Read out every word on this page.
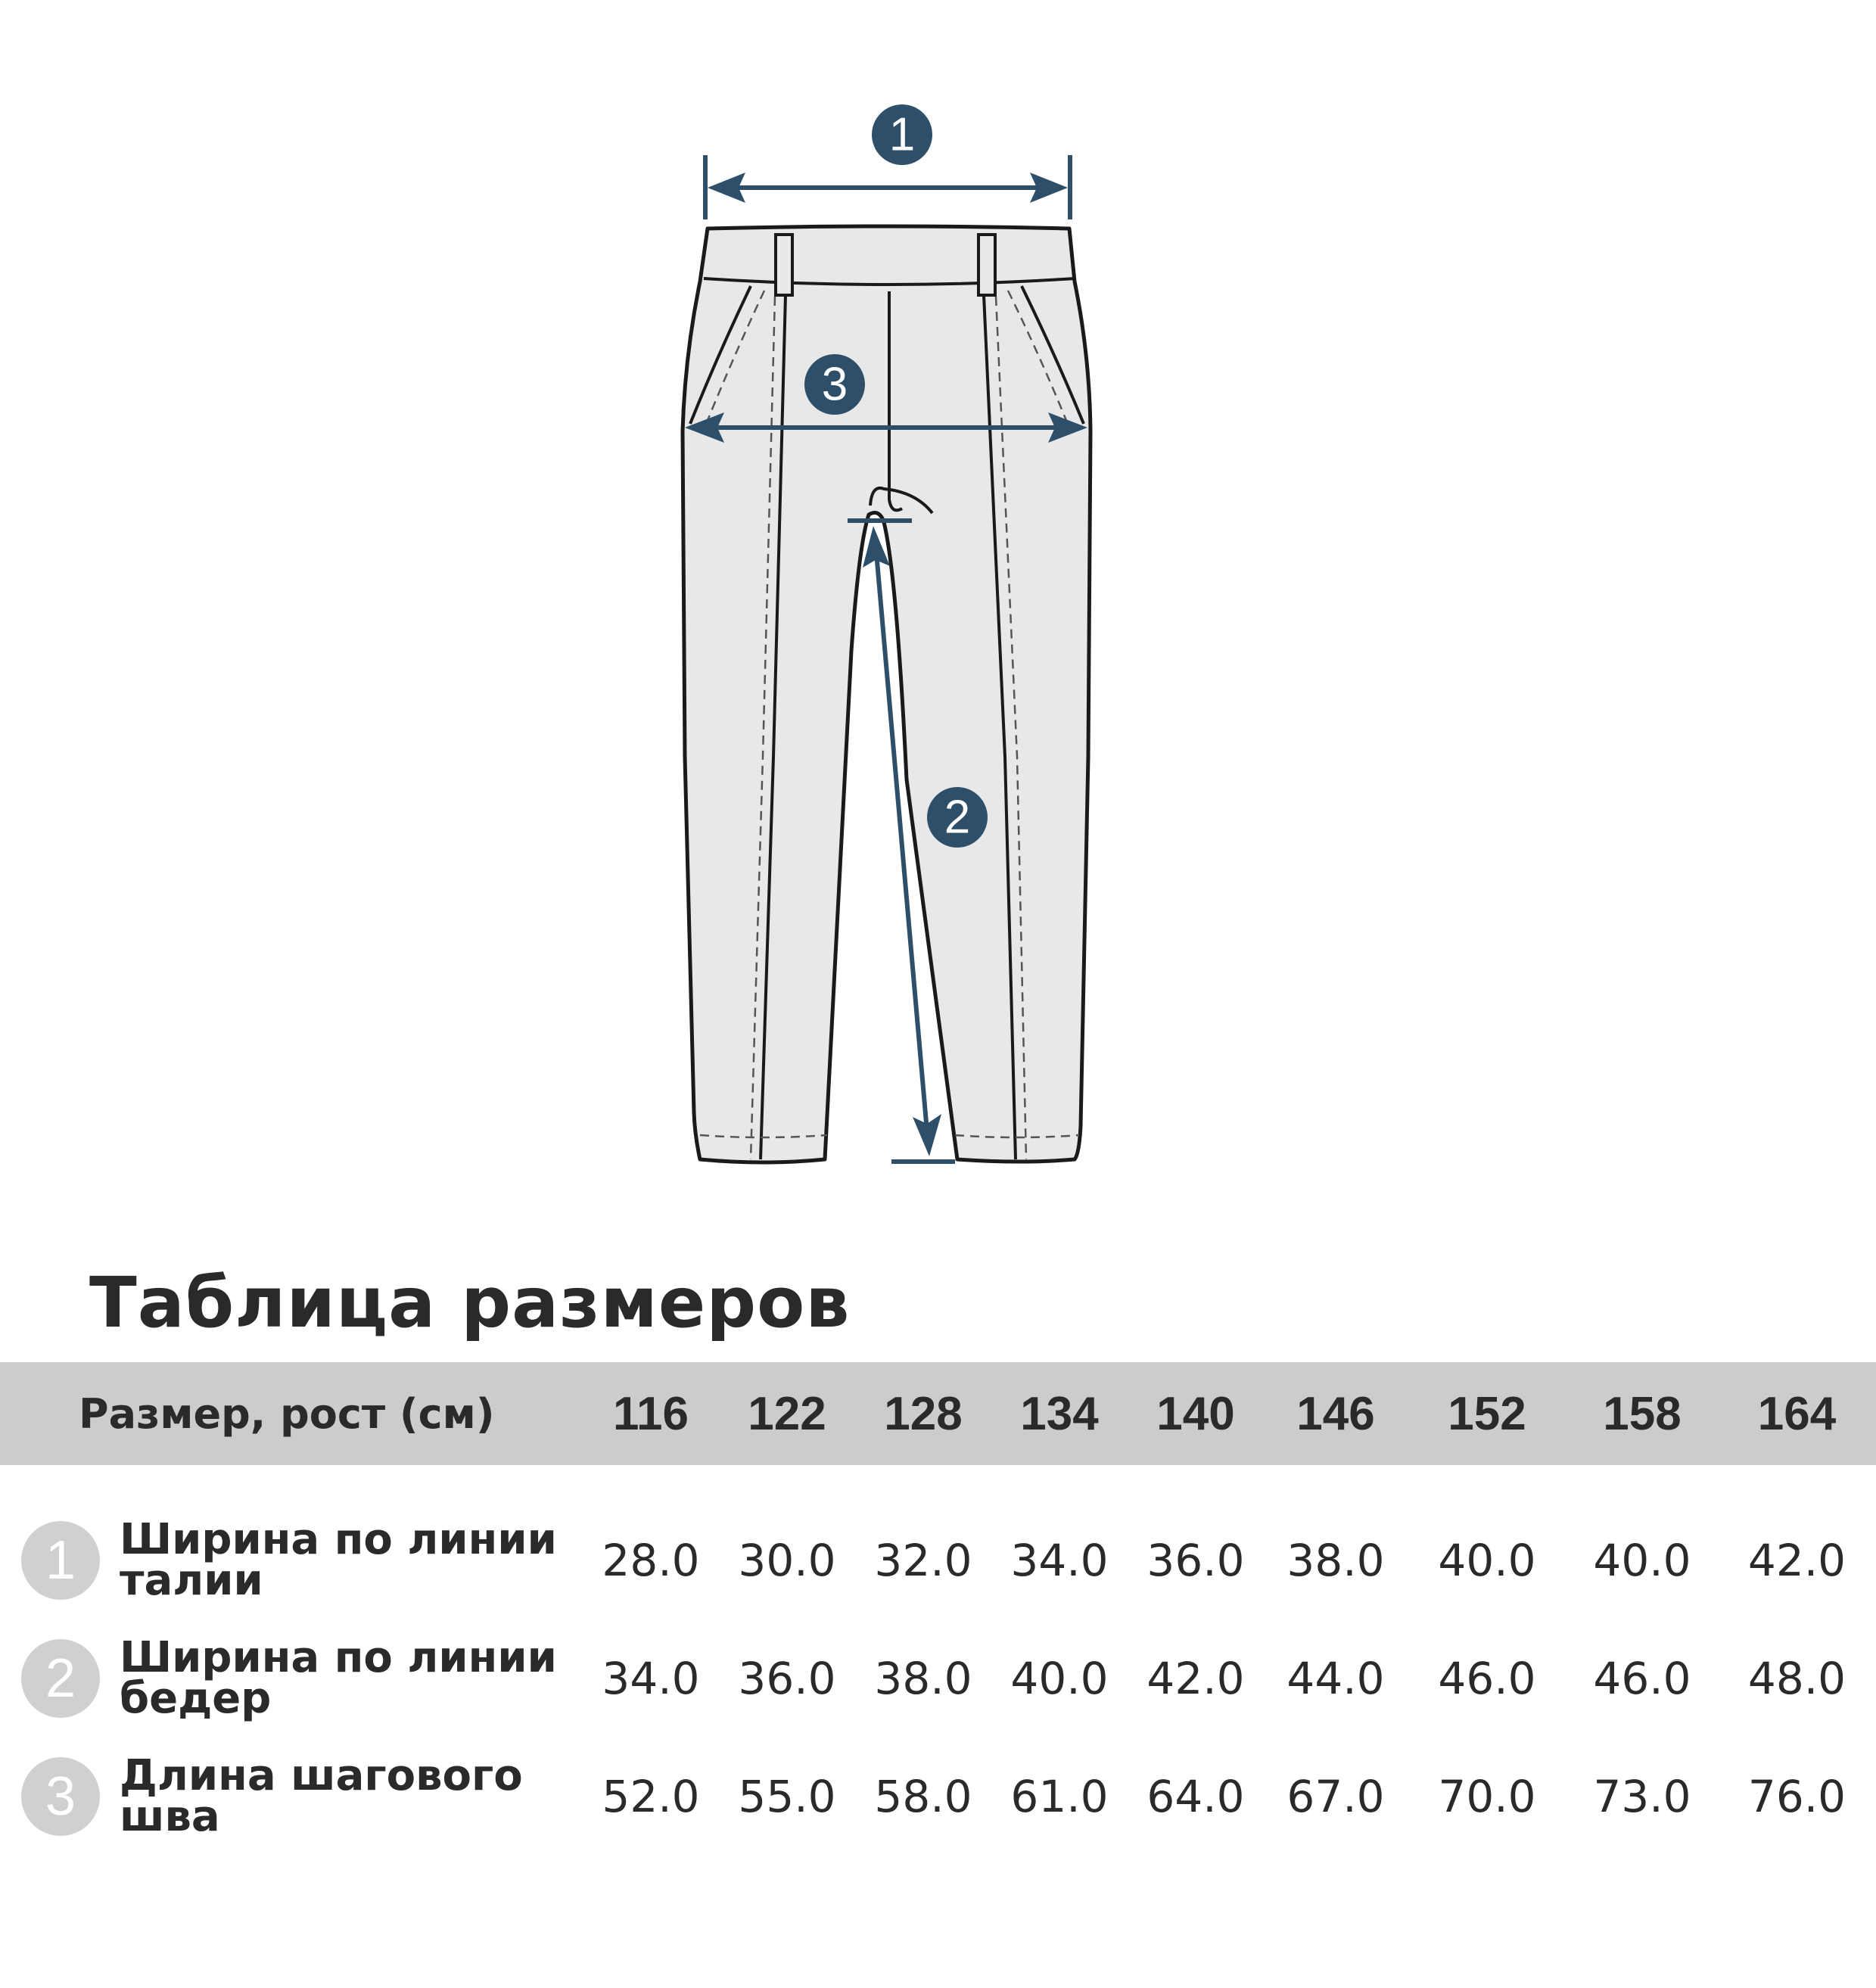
1
3
2
Таблица размеров
Размер, рост (см)	116	122	128	134	140	146	152	158	164

1 Ширина по линии талии	28.0	30.0	32.0	34.0	36.0	38.0	40.0	40.0	42.0

2 Ширина по линии бедер	34.0	36.0	38.0	40.0	42.0	44.0	46.0	46.0	48.0

3 Длина шагового шва	52.0	55.0	58.0	61.0	64.0	67.0	70.0	73.0	76.0
